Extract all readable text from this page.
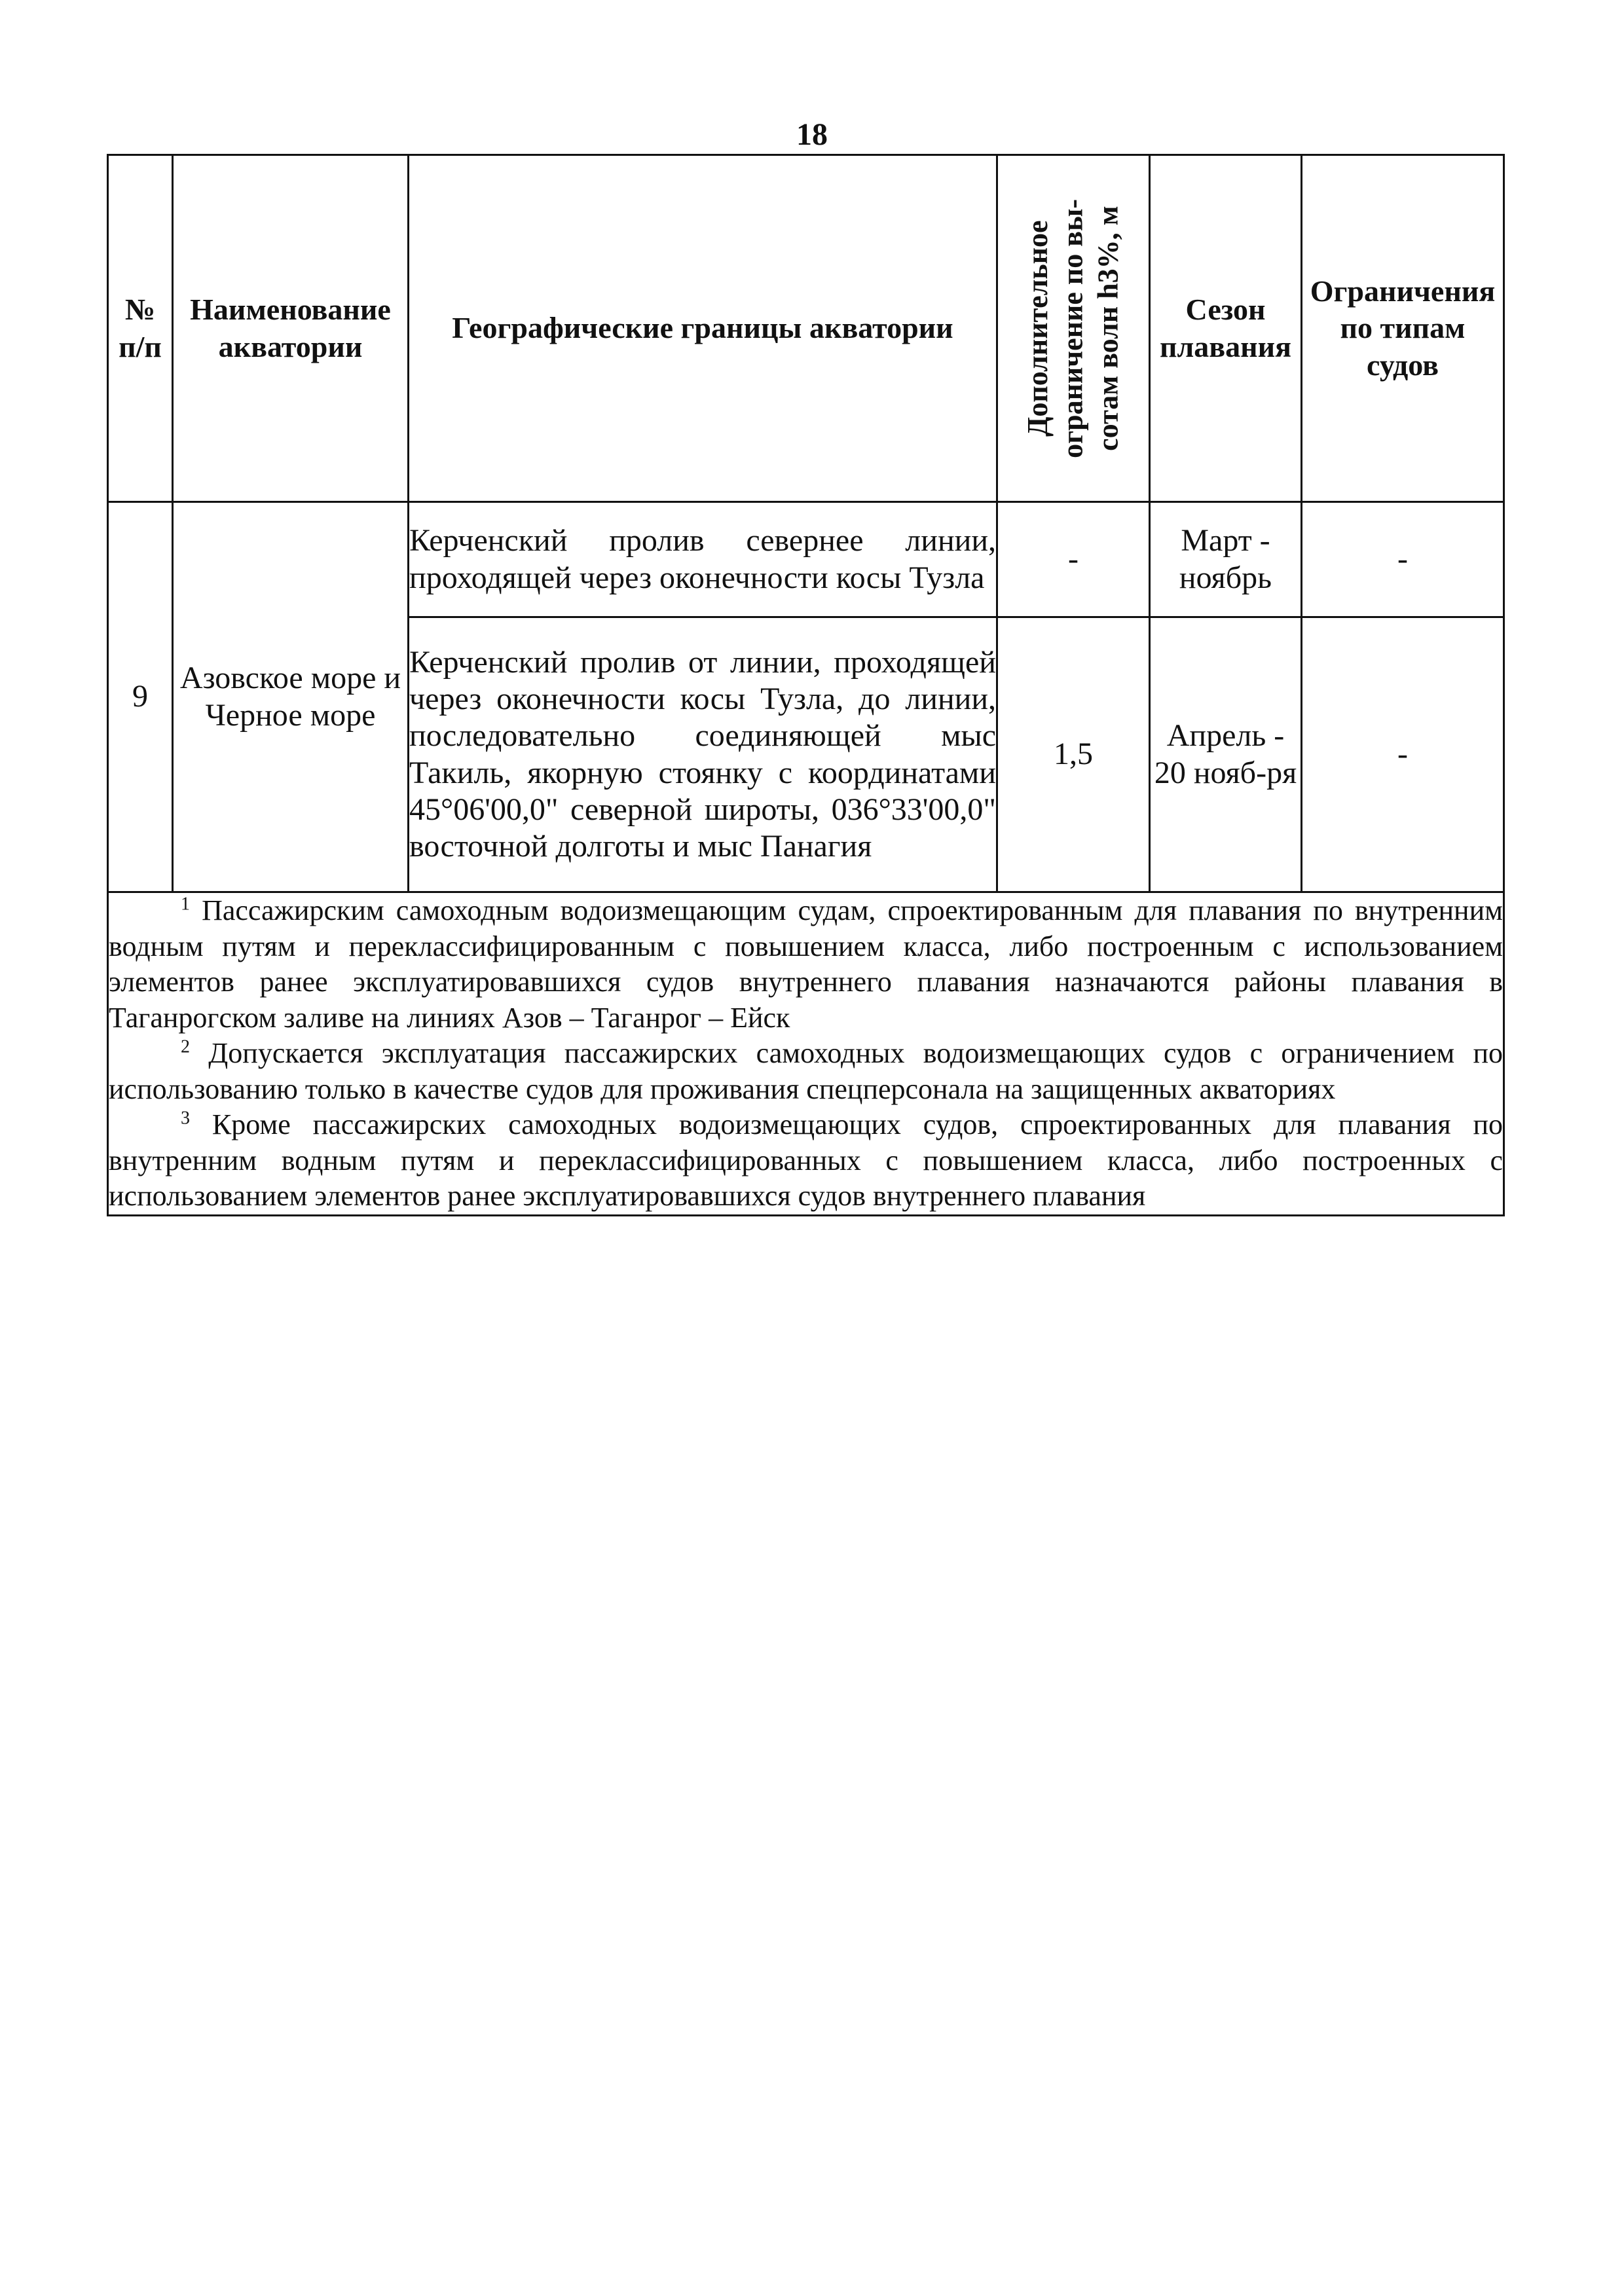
18
№ п/п	Наименование акватории	Географические границы акватории	Дополнительное
ограничение по вы-
сотам волн h3%, м	Сезон плавания	Ограничения по типам судов
9	Азовское море и Черное море	Керченский пролив севернее линии, проходящей через оконечности косы Тузла	-	Март - ноябрь	-
		Керченский пролив от линии, проходящей через оконечности косы Тузла, до линии, последовательно соединяющей мыс Такиль, якорную стоянку с координатами 45°06'00,0" северной широты, 036°33'00,0" восточной долготы и мыс Панагия	1,5	Апрель - 20 нояб-ря	-

$^1$ Пассажирским самоходным водоизмещающим судам, спроектированным для плавания по внутренним водным путям и переклассифицированным с повышением класса, либо построенным с использованием элементов ранее эксплуатировавшихся судов внутреннего плавания назначаются районы плавания в Таганрогском заливе на линиях Азов – Таганрог – Ейск

$^2$ Допускается эксплуатация пассажирских самоходных водоизмещающих судов с ограничением по использованию только в качестве судов для проживания спецперсонала на защищенных акваториях

$^3$ Кроме пассажирских самоходных водоизмещающих судов, спроектированных для плавания по внутренним водным путям и переклассифицированных с повышением класса, либо построенных с использованием элементов ранее эксплуатировавшихся судов внутреннего плавания					
